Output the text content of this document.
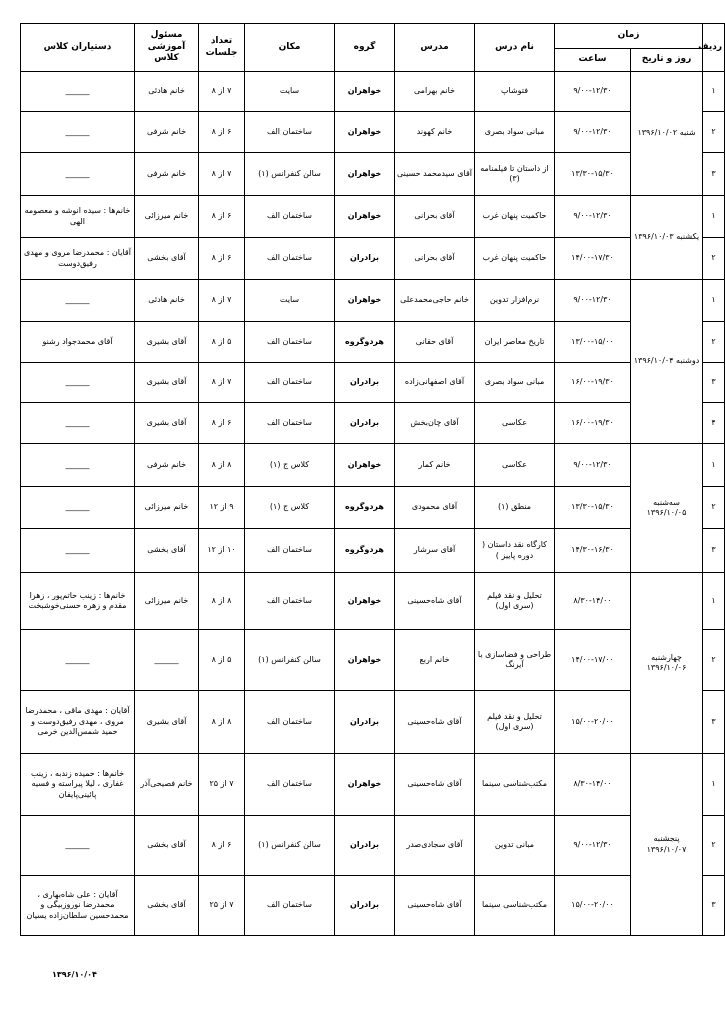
ردیف	زمان		نام درس	مدرس	گروه	مکان	تعداد جلسات	مسئول آموزشی کلاس	دستیاران کلاس
	روز و تاریخ	ساعت							
۱	شنبه ۱۳۹۶/۱۰/۰۲	۹/۰۰-۱۲/۳۰	فتوشاپ	خانم بهرامی	خواهران	سایت	۷ از ۸	خانم هادئی	______
۲		۹/۰۰-۱۲/۳۰	مبانی سواد بصری	خانم کهوند	خواهران	ساختمان الف	۶ از ۸	خانم شرفی	______
۳		۱۳/۳۰-۱۵/۳۰	از داستان تا فیلمنامه (۳)	آقای سیدمحمد حسینی	خواهران	سالن کنفرانس (۱)	۷ از ۸	خانم شرفی	______
۱	یکشنبه ۱۳۹۶/۱۰/۰۳	۹/۰۰-۱۲/۳۰	حاکمیت پنهان غرب	آقای بحرانی	خواهران	ساختمان الف	۶ از ۸	خانم میرزائی	خانم‌ها : سیده انوشه و معصومه الهی
۲		۱۴/۰۰-۱۷/۳۰	حاکمیت پنهان غرب	آقای بحرانی	برادران	ساختمان الف	۶ از ۸	آقای بخشی	آقایان : محمدرضا مروی و مهدی رفیق‌دوست
۱	دوشنبه ۱۳۹۶/۱۰/۰۴	۹/۰۰-۱۲/۳۰	نرم‌افزار تدوین	خانم حاجی‌محمدعلی	خواهران	سایت	۷ از ۸	خانم هادئی	______
۲		۱۳/۰۰-۱۵/۰۰	تاریخ معاصر ایران	آقای حقانی	هردوگروه	ساختمان الف	۵ از ۸	آقای بشیری	آقای محمدجواد رشنو
۳		۱۶/۰۰-۱۹/۳۰	مبانی سواد بصری	آقای اصفهانی‌زاده	برادران	ساختمان الف	۷ از ۸	آقای بشیری	______
۴		۱۶/۰۰-۱۹/۳۰	عکاسی	آقای چان‌بخش	برادران	ساختمان الف	۶ از ۸	آقای بشیری	______
۱	سه‌شنبه ۱۳۹۶/۱۰/۰۵	۹/۰۰-۱۲/۳۰	عکاسی	خانم کمار	خواهران	کلاس ج (۱)	۸ از ۸	خانم شرفی	______
۲		۱۳/۳۰-۱۵/۳۰	منطق (۱)	آقای محمودی	هردوگروه	کلاس ج (۱)	۹ از ۱۲	خانم میرزائی	______
۳		۱۴/۳۰-۱۶/۳۰	کارگاه نقد داستان ( دوره پاییز )	آقای سرشار	هردوگروه	ساختمان الف	۱۰ از ۱۲	آقای بخشی	______
۱	چهارشنبه ۱۳۹۶/۱۰/۰۶	۸/۳۰-۱۴/۰۰	تحلیل و نقد فیلم (سری اول)	آقای شاه‌حسینی	خواهران	ساختمان الف	۸ از ۸	خانم میرزائی	خانم‌ها : زینب حاتم‌پور ، زهرا مقدم و زهره حسنی‌خوشبخت
۲		۱۴/۰۰-۱۷/۰۰	طراحی و فضاسازی با آیرنگ	خانم اربع	خواهران	سالن کنفرانس (۱)	۵ از ۸	______	______
۳		۱۵/۰۰-۲۰/۰۰	تحلیل و نقد فیلم (سری اول)	آقای شاه‌حسینی	برادران	ساختمان الف	۸ از ۸	آقای بشیری	آقایان : مهدی ماقی ، محمدرضا مروی ، مهدی رفیق‌دوست و حمید شمس‌الدین خرمی
۱	پنجشنبه ۱۳۹۶/۱۰/۰۷	۸/۳۰-۱۴/۰۰	مکتب‌شناسی سینما	آقای شاه‌حسینی	خواهران	ساختمان الف	۷ از ۲۵	خانم فصیحی‌آذر	خانم‌ها : حمیده زندبه ، زینب غفاری ، لیلا پیراسته و فسیه پائینی‌پایفان
۲		۹/۰۰-۱۲/۳۰	مبانی تدوین	آقای سجادی‌صدر	برادران	سالن کنفرانس (۱)	۶ از ۸	آقای بخشی	______
۳		۱۵/۰۰-۲۰/۰۰	مکتب‌شناسی سینما	آقای شاه‌حسینی	برادران	ساختمان الف	۷ از ۲۵	آقای بخشی	آقایان : علی شاه‌بهاری ، محمدرضا نوروزبیگی و محمدحسین سلطان‌زاده یسیان
۱۳۹۶/۱۰/۰۴
